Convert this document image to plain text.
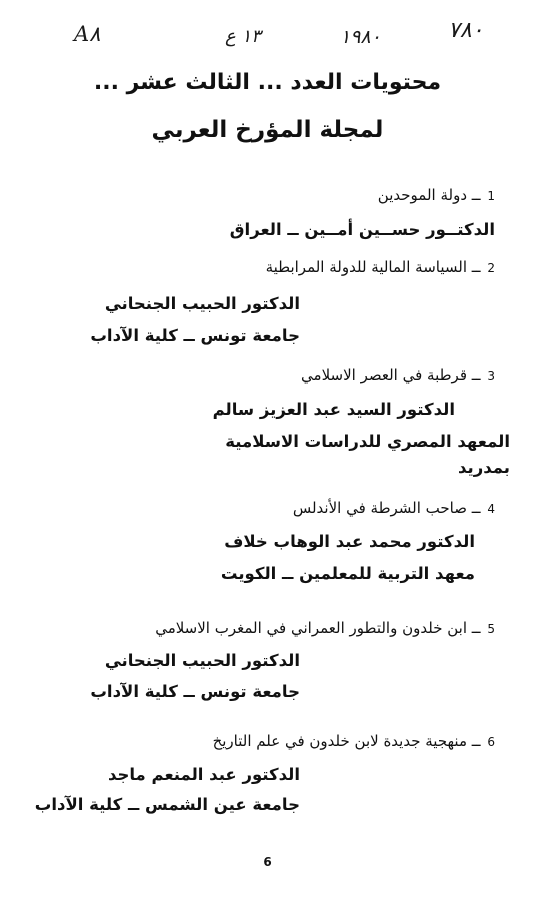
A؜٨	١٣ ع	١٩٨٠	٧٨٠
محتويات العدد ... الثالث عشر ...
لمجلة المؤرخ العربي
1 ــ دولة الموحدين
الدكتــور حســين أمــين ــ العراق
2 ــ السياسة المالية للدولة المرابطية
الدكتور الحبيب الجنحاني
جامعة تونس ــ كلية الآداب
3 ــ قرطبة في العصر الاسلامي
الدكتور السيد عبد العزيز سالم
المعهد المصري للدراسات الاسلامية
بمدريد
4 ــ صاحب الشرطة في الأندلس
الدكتور محمد عبد الوهاب خلاف
معهد التربية للمعلمين ــ الكويت
5 ــ ابن خلدون والتطور العمراني في المغرب الاسلامي
الدكتور الحبيب الجنحاني
جامعة تونس ــ كلية الآداب
6 ــ منهجية جديدة لابن خلدون في علم التاريخ
الدكتور عبد المنعم ماجد
جامعة عين الشمس ــ كلية الآداب
6
